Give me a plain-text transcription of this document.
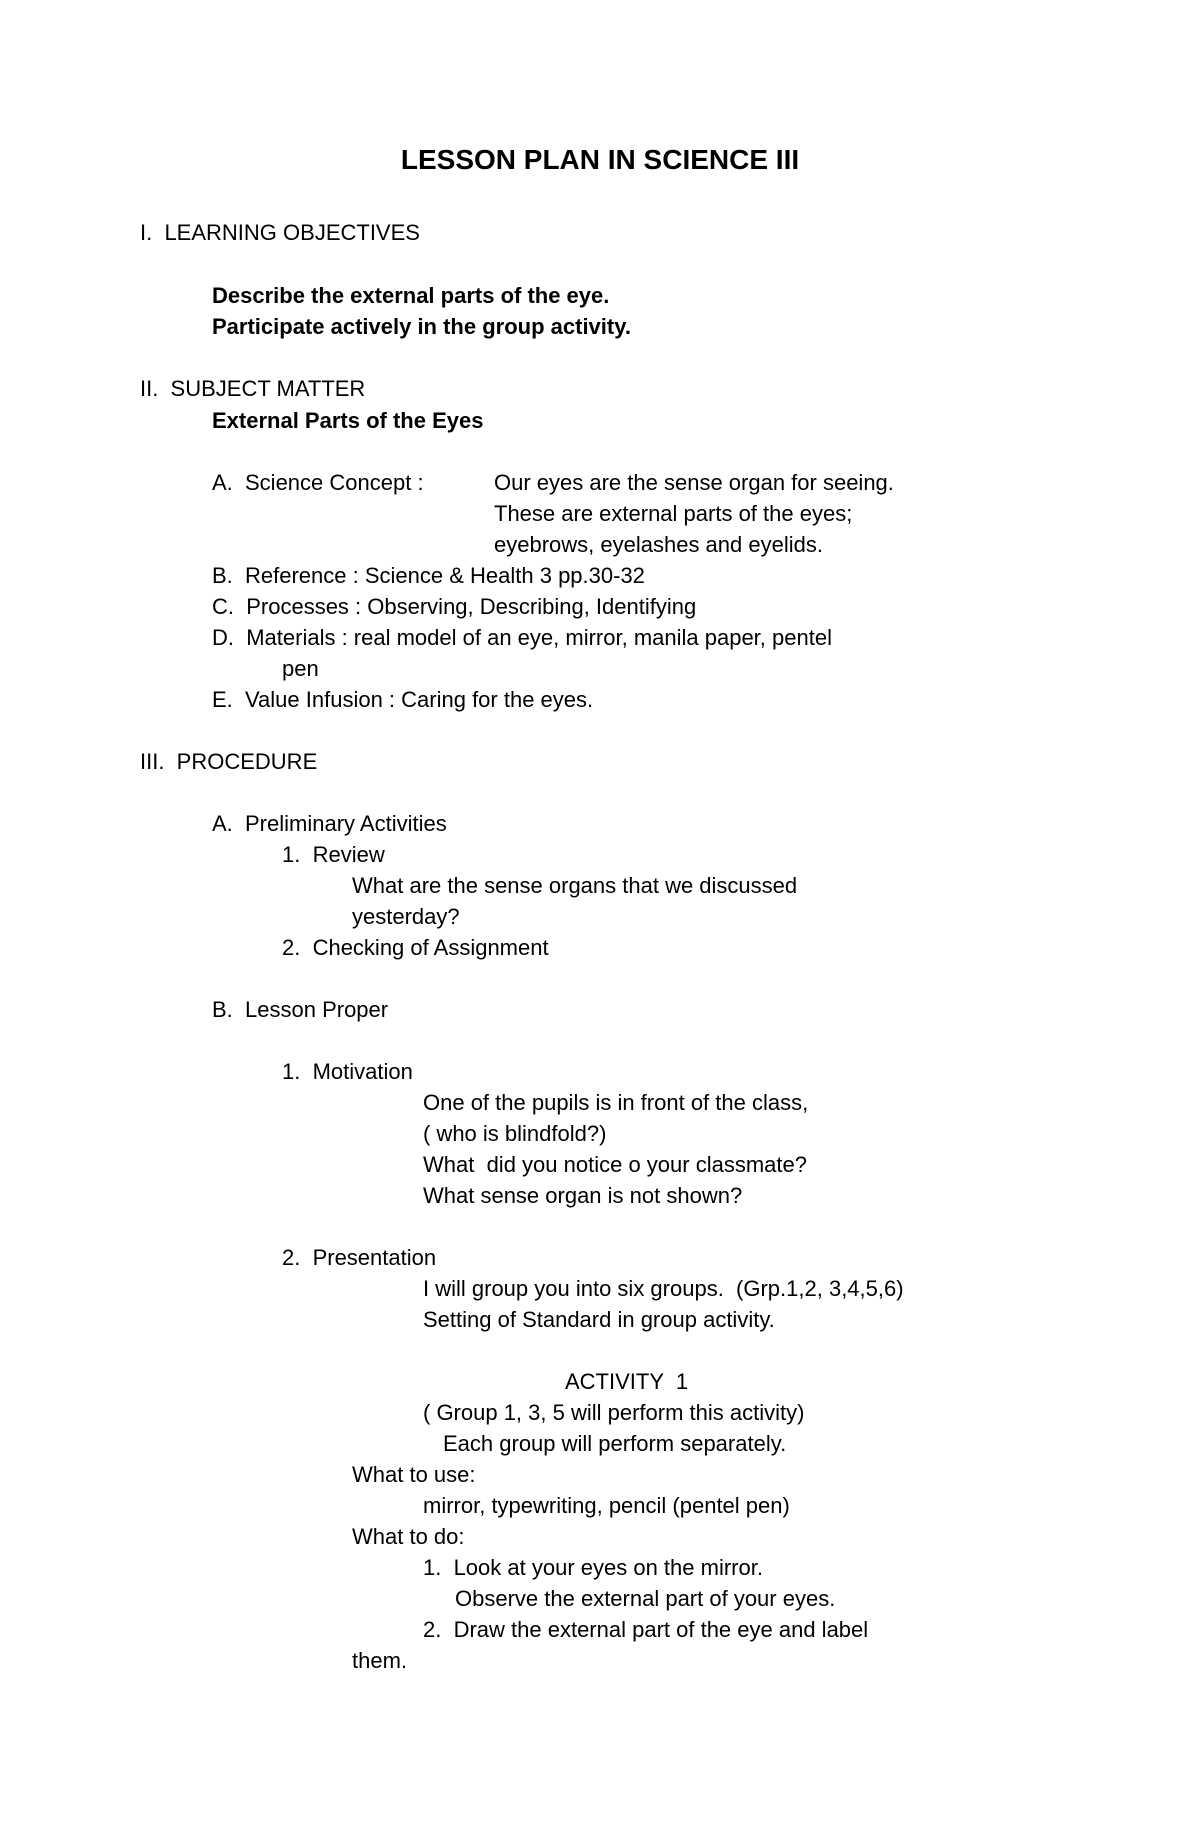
LESSON PLAN IN SCIENCE III
I.  LEARNING OBJECTIVES
Describe the external parts of the eye.
Participate actively in the group activity.
II.  SUBJECT MATTER
External Parts of the Eyes
A.  Science Concept :	Our eyes are the sense organ for seeing.
These are external parts of the eyes;
eyebrows, eyelashes and eyelids.
B.  Reference : Science & Health 3 pp.30-32
C.  Processes : Observing, Describing, Identifying
D.  Materials : real model of an eye, mirror, manila paper, pentel
pen
E.  Value Infusion : Caring for the eyes.
III.  PROCEDURE
A.  Preliminary Activities
1.  Review
What are the sense organs that we discussed
yesterday?
2.  Checking of Assignment
B.  Lesson Proper
1.  Motivation
One of the pupils is in front of the class,
( who is blindfold?)
What  did you notice o your classmate?
What sense organ is not shown?
2.  Presentation
I will group you into six groups.  (Grp.1,2, 3,4,5,6)
Setting of Standard in group activity.
ACTIVITY  1
( Group 1, 3, 5 will perform this activity)
Each group will perform separately.
What to use:
mirror, typewriting, pencil (pentel pen)
What to do:
1.  Look at your eyes on the mirror.
Observe the external part of your eyes.
2.  Draw the external part of the eye and label
them.
